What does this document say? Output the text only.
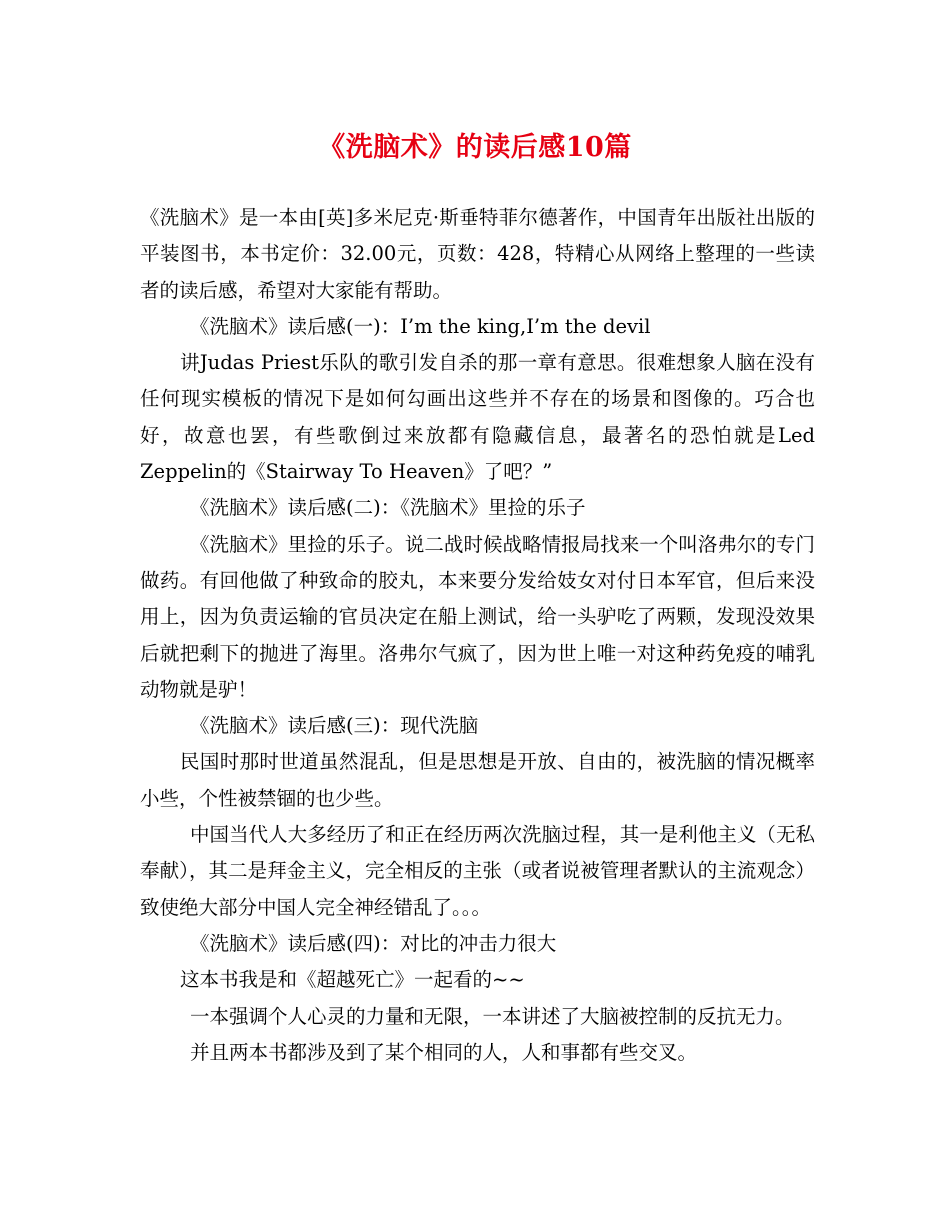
《洗脑术》的读后感10篇

《洗脑术》是一本由[英]多米尼克·斯垂特菲尔德著作，中国青年出版社出版的平装图书，本书定价：32.00元，页数：428，特精心从网络上整理的一些读者的读后感，希望对大家能有帮助。

《洗脑术》读后感(一)：I’m the king,I’m the devil

讲Judas Priest乐队的歌引发自杀的那一章有意思。很难想象人脑在没有任何现实模板的情况下是如何勾画出这些并不存在的场景和图像的。巧合也好，故意也罢，有些歌倒过来放都有隐藏信息，最著名的恐怕就是Led Zeppelin的《Stairway To Heaven》了吧？”

《洗脑术》读后感(二)：《洗脑术》里捡的乐子

《洗脑术》里捡的乐子。说二战时候战略情报局找来一个叫洛弗尔的专门做药。有回他做了种致命的胶丸，本来要分发给妓女对付日本军官，但后来没用上，因为负责运输的官员决定在船上测试，给一头驴吃了两颗，发现没效果后就把剩下的抛进了海里。洛弗尔气疯了，因为世上唯一对这种药免疫的哺乳动物就是驴！

《洗脑术》读后感(三)：现代洗脑

民国时那时世道虽然混乱，但是思想是开放、自由的，被洗脑的情况概率小些，个性被禁锢的也少些。

中国当代人大多经历了和正在经历两次洗脑过程，其一是利他主义（无私奉献），其二是拜金主义，完全相反的主张（或者说被管理者默认的主流观念）致使绝大部分中国人完全神经错乱了。。。

《洗脑术》读后感(四)：对比的冲击力很大

这本书我是和《超越死亡》一起看的~~

一本强调个人心灵的力量和无限，一本讲述了大脑被控制的反抗无力。

并且两本书都涉及到了某个相同的人，人和事都有些交叉。
